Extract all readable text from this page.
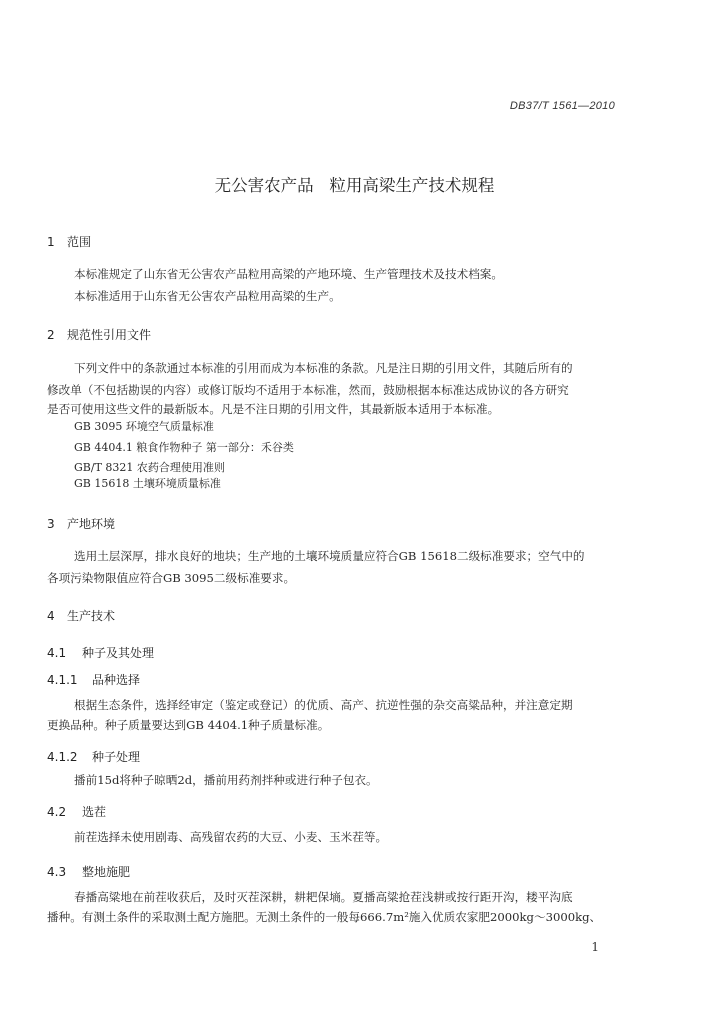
DB37/T 1561—2010
无公害农产品   粒用高梁生产技术规程
1 范围
本标准规定了山东省无公害农产品粒用高梁的产地环境、生产管理技术及技术档案。
本标准适用于山东省无公害农产品粒用高梁的生产。
2 规范性引用文件
下列文件中的条款通过本标准的引用而成为本标准的条款。凡是注日期的引用文件，其随后所有的
修改单（不包括勘误的内容）或修订版均不适用于本标准，然而，鼓励根据本标准达成协议的各方研究
是否可使用这些文件的最新版本。凡是不注日期的引用文件，其最新版本适用于本标准。
GB 3095 环境空气质量标准
GB 4404.1 粮食作物种子 第一部分：禾谷类
GB/T 8321 农药合理使用准则
GB 15618 土壤环境质量标准
3 产地环境
选用土层深厚，排水良好的地块；生产地的土壤环境质量应符合GB 15618二级标准要求；空气中的
各项污染物限值应符合GB 3095二级标准要求。
4 生产技术
4.1 种子及其处理
4.1.1 品种选择
根据生态条件，选择经审定（鉴定或登记）的优质、高产、抗逆性强的杂交高粱品种，并注意定期
更换品种。种子质量要达到GB 4404.1种子质量标准。
4.1.2 种子处理
播前15d将种子晾晒2d，播前用药剂拌种或进行种子包衣。
4.2 选茬
前茬选择未使用剧毒、高残留农药的大豆、小麦、玉米茬等。
4.3 整地施肥
春播高粱地在前茬收获后，及时灭茬深耕，耕耙保墒。夏播高粱抢茬浅耕或按行距开沟，耧平沟底
播种。有测土条件的采取测土配方施肥。无测土条件的一般每666.7m²施入优质农家肥2000kg～3000kg、
1
